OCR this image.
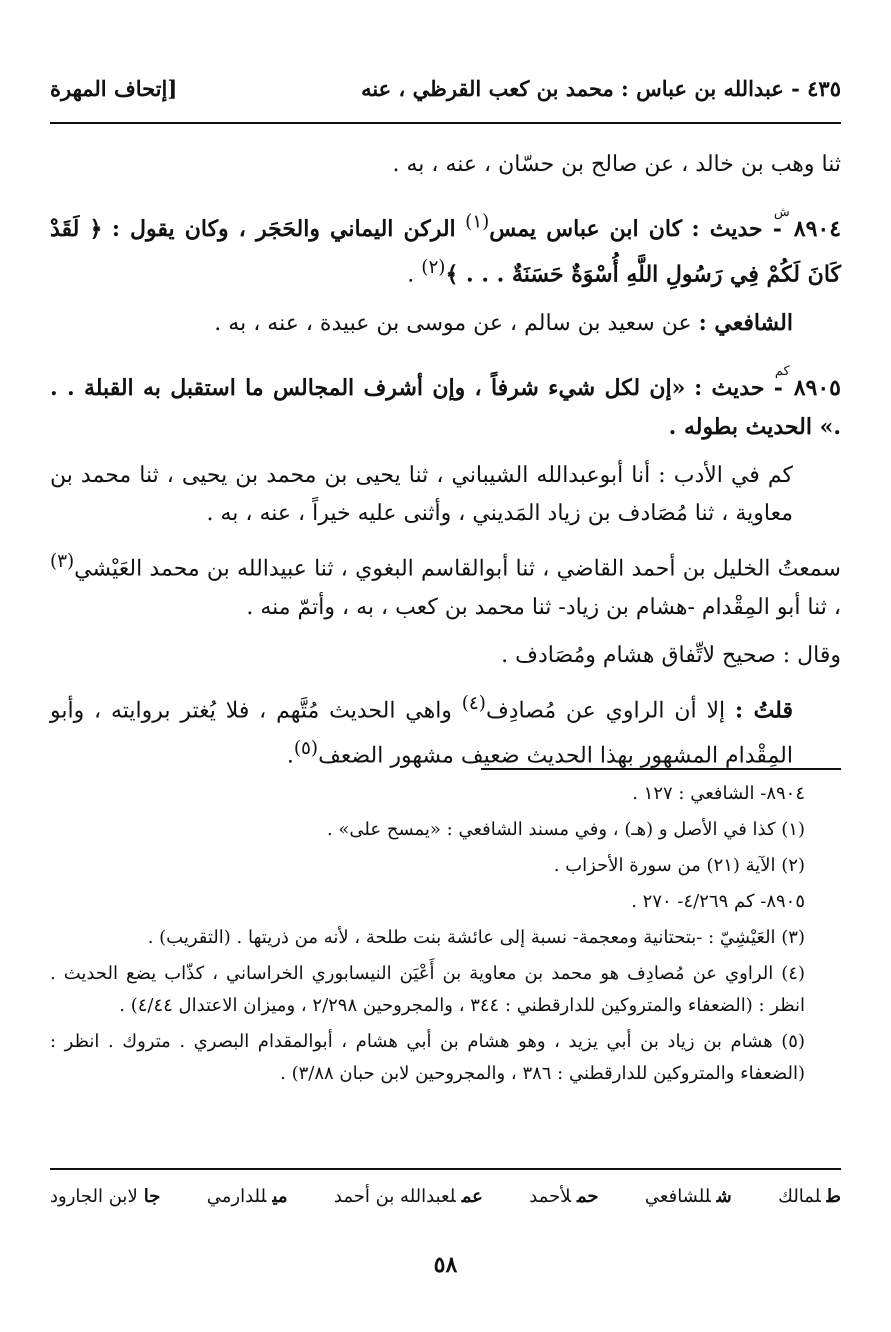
٤٣٥ - عبدالله بن عباس : محمد بن كعب القرظي ، عنه
[إتحاف المهرة

ثنا وهب بن خالد ، عن صالح بن حسّان ، عنه ، به .

٨٩٠٤ش- حديث : كان ابن عباس يمس$^{(١)}$ الركن اليماني والحَجَر ، وكان يقول : ﴿ لَقَدْ كَانَ لَكُمْ فِي رَسُولِ اللَّهِ أُسْوَةٌ حَسَنَةٌ . . . ﴾$^{(٢)}$ .

الشافعي : عن سعيد بن سالم ، عن موسى بن عبيدة ، عنه ، به .

٨٩٠٥كم- حديث : «إن لكل شيء شرفاً ، وإن أشرف المجالس ما استقبل به القبلة . . .» الحديث بطوله .

كم في الأدب : أنا أبوعبدالله الشيباني ، ثنا يحيى بن محمد بن يحيى ، ثنا محمد بن معاوية ، ثنا مُصَادف بن زياد المَديني ، وأثنى عليه خيراً ، عنه ، به .

سمعتُ الخليل بن أحمد القاضي ، ثنا أبوالقاسم البغوي ، ثنا عبيدالله بن محمد العَيْشي$^{(٣)}$ ، ثنا أبو المِقْدام -هشام بن زياد- ثنا محمد بن كعب ، به ، وأتمّ منه .

وقال : صحيح لاتِّفاق هشام ومُصَادف .

قلتُ : إلا أن الراوي عن مُصادِف$^{(٤)}$ واهي الحديث مُتَّهم ، فلا يُغتر بروايته ، وأبو المِقْدام المشهور بهذا الحديث ضعيف مشهور الضعف$^{(٥)}$.

٨٩٠٤- الشافعي : ١٢٧ .

(١) كذا في الأصل و (هـ) ، وفي مسند الشافعي : «يمسح على» .

(٢) الآية (٢١) من سورة الأحزاب .

٨٩٠٥- كم ٤/٢٦٩- ٢٧٠ .

(٣) العَيْشِيّ : -بتحتانية ومعجمة- نسبة إلى عائشة بنت طلحة ، لأنه من ذريتها . (التقريب) .

(٤) الراوي عن مُصادِف هو محمد بن معاوية بن أَعْيَن النيسابوري الخراساني ، كذّاب يضع الحديث . انظر : (الضعفاء والمتروكين للدارقطني : ٣٤٤ ، والمجروحين ٢/٢٩٨ ، وميزان الاعتدال ٤/٤٤) .

(٥) هشام بن زياد بن أبي يزيد ، وهو هشام بن أبي هشام ، أبوالمقدام البصري . متروك . انظر : (الضعفاء والمتروكين للدارقطني : ٣٨٦ ، والمجروحين لابن حبان ٣/٨٨) .

طلمالك
شللشافعي
حملأحمد
عملعبدالله بن أحمد
ميللدارمي
جالابن الجارود
٥٨
